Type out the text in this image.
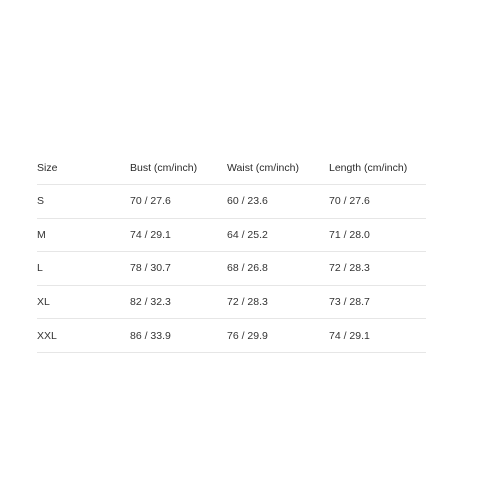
Size	Bust (cm/inch)	Waist (cm/inch)	Length (cm/inch)
S	70 / 27.6	60 / 23.6	70 / 27.6
M	74 / 29.1	64 / 25.2	71 / 28.0
L	78 / 30.7	68 / 26.8	72 / 28.3
XL	82 / 32.3	72 / 28.3	73 / 28.7
XXL	86 / 33.9	76 / 29.9	74 / 29.1
